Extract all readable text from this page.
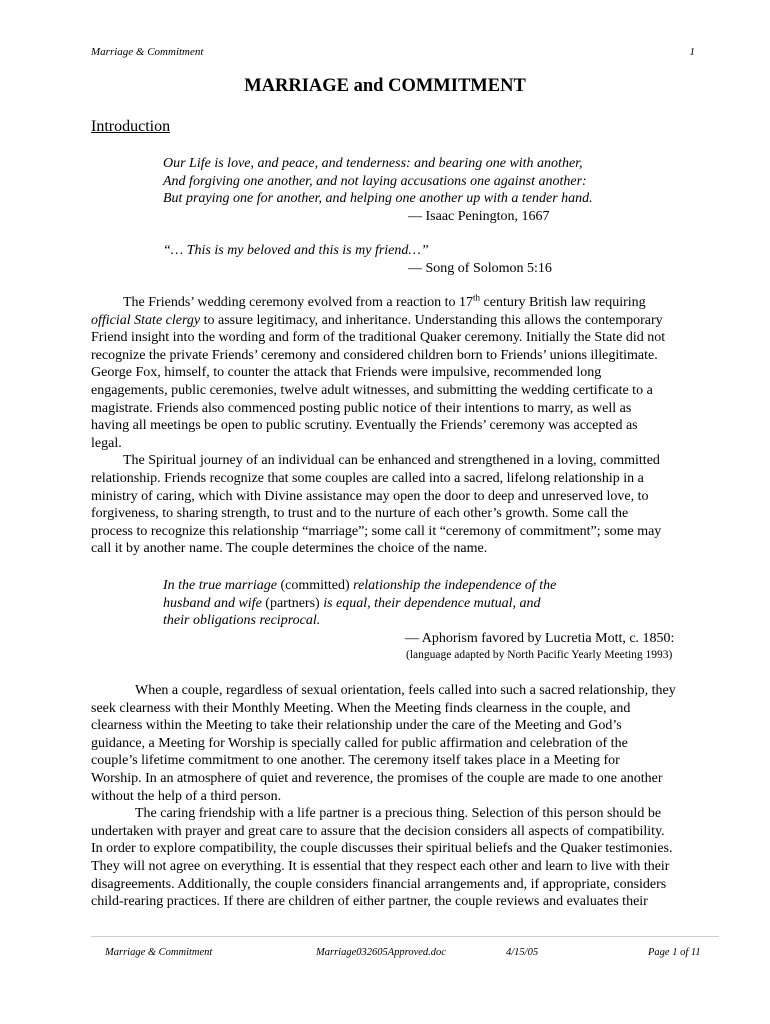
Marriage & Commitment	1
MARRIAGE and COMMITMENT
Introduction
Our Life is love, and peace, and tenderness: and bearing one with another,
And forgiving one another, and not laying accusations one against another:
But praying one for another, and helping one another up with a tender hand.
— Isaac Penington, 1667
“… This is my beloved and this is my friend…”
— Song of Solomon 5:16
The Friends’ wedding ceremony evolved from a reaction to 17th century British law requiring
official State clergy to assure legitimacy, and inheritance. Understanding this allows the contemporary
Friend insight into the wording and form of the traditional Quaker ceremony. Initially the State did not
recognize the private Friends’ ceremony and considered children born to Friends’ unions illegitimate.
George Fox, himself, to counter the attack that Friends were impulsive, recommended long
engagements, public ceremonies, twelve adult witnesses, and submitting the wedding certificate to a
magistrate. Friends also commenced posting public notice of their intentions to marry, as well as
having all meetings be open to public scrutiny. Eventually the Friends’ ceremony was accepted as
legal.
The Spiritual journey of an individual can be enhanced and strengthened in a loving, committed
relationship. Friends recognize that some couples are called into a sacred, lifelong relationship in a
ministry of caring, which with Divine assistance may open the door to deep and unreserved love, to
forgiveness, to sharing strength, to trust and to the nurture of each other’s growth. Some call the
process to recognize this relationship “marriage”; some call it “ceremony of commitment”; some may
call it by another name. The couple determines the choice of the name.
In the true marriage (committed) relationship the independence of the
husband and wife (partners) is equal, their dependence mutual, and
their obligations reciprocal.
— Aphorism favored by Lucretia Mott, c. 1850:
(language adapted by North Pacific Yearly Meeting 1993)
When a couple, regardless of sexual orientation, feels called into such a sacred relationship, they
seek clearness with their Monthly Meeting. When the Meeting finds clearness in the couple, and
clearness within the Meeting to take their relationship under the care of the Meeting and God’s
guidance, a Meeting for Worship is specially called for public affirmation and celebration of the
couple’s lifetime commitment to one another. The ceremony itself takes place in a Meeting for
Worship. In an atmosphere of quiet and reverence, the promises of the couple are made to one another
without the help of a third person.
The caring friendship with a life partner is a precious thing. Selection of this person should be
undertaken with prayer and great care to assure that the decision considers all aspects of compatibility.
In order to explore compatibility, the couple discusses their spiritual beliefs and the Quaker testimonies.
They will not agree on everything. It is essential that they respect each other and learn to live with their
disagreements. Additionally, the couple considers financial arrangements and, if appropriate, considers
child-rearing practices. If there are children of either partner, the couple reviews and evaluates their
Marriage & Commitment	Marriage032605Approved.doc	4/15/05	Page 1 of 11
